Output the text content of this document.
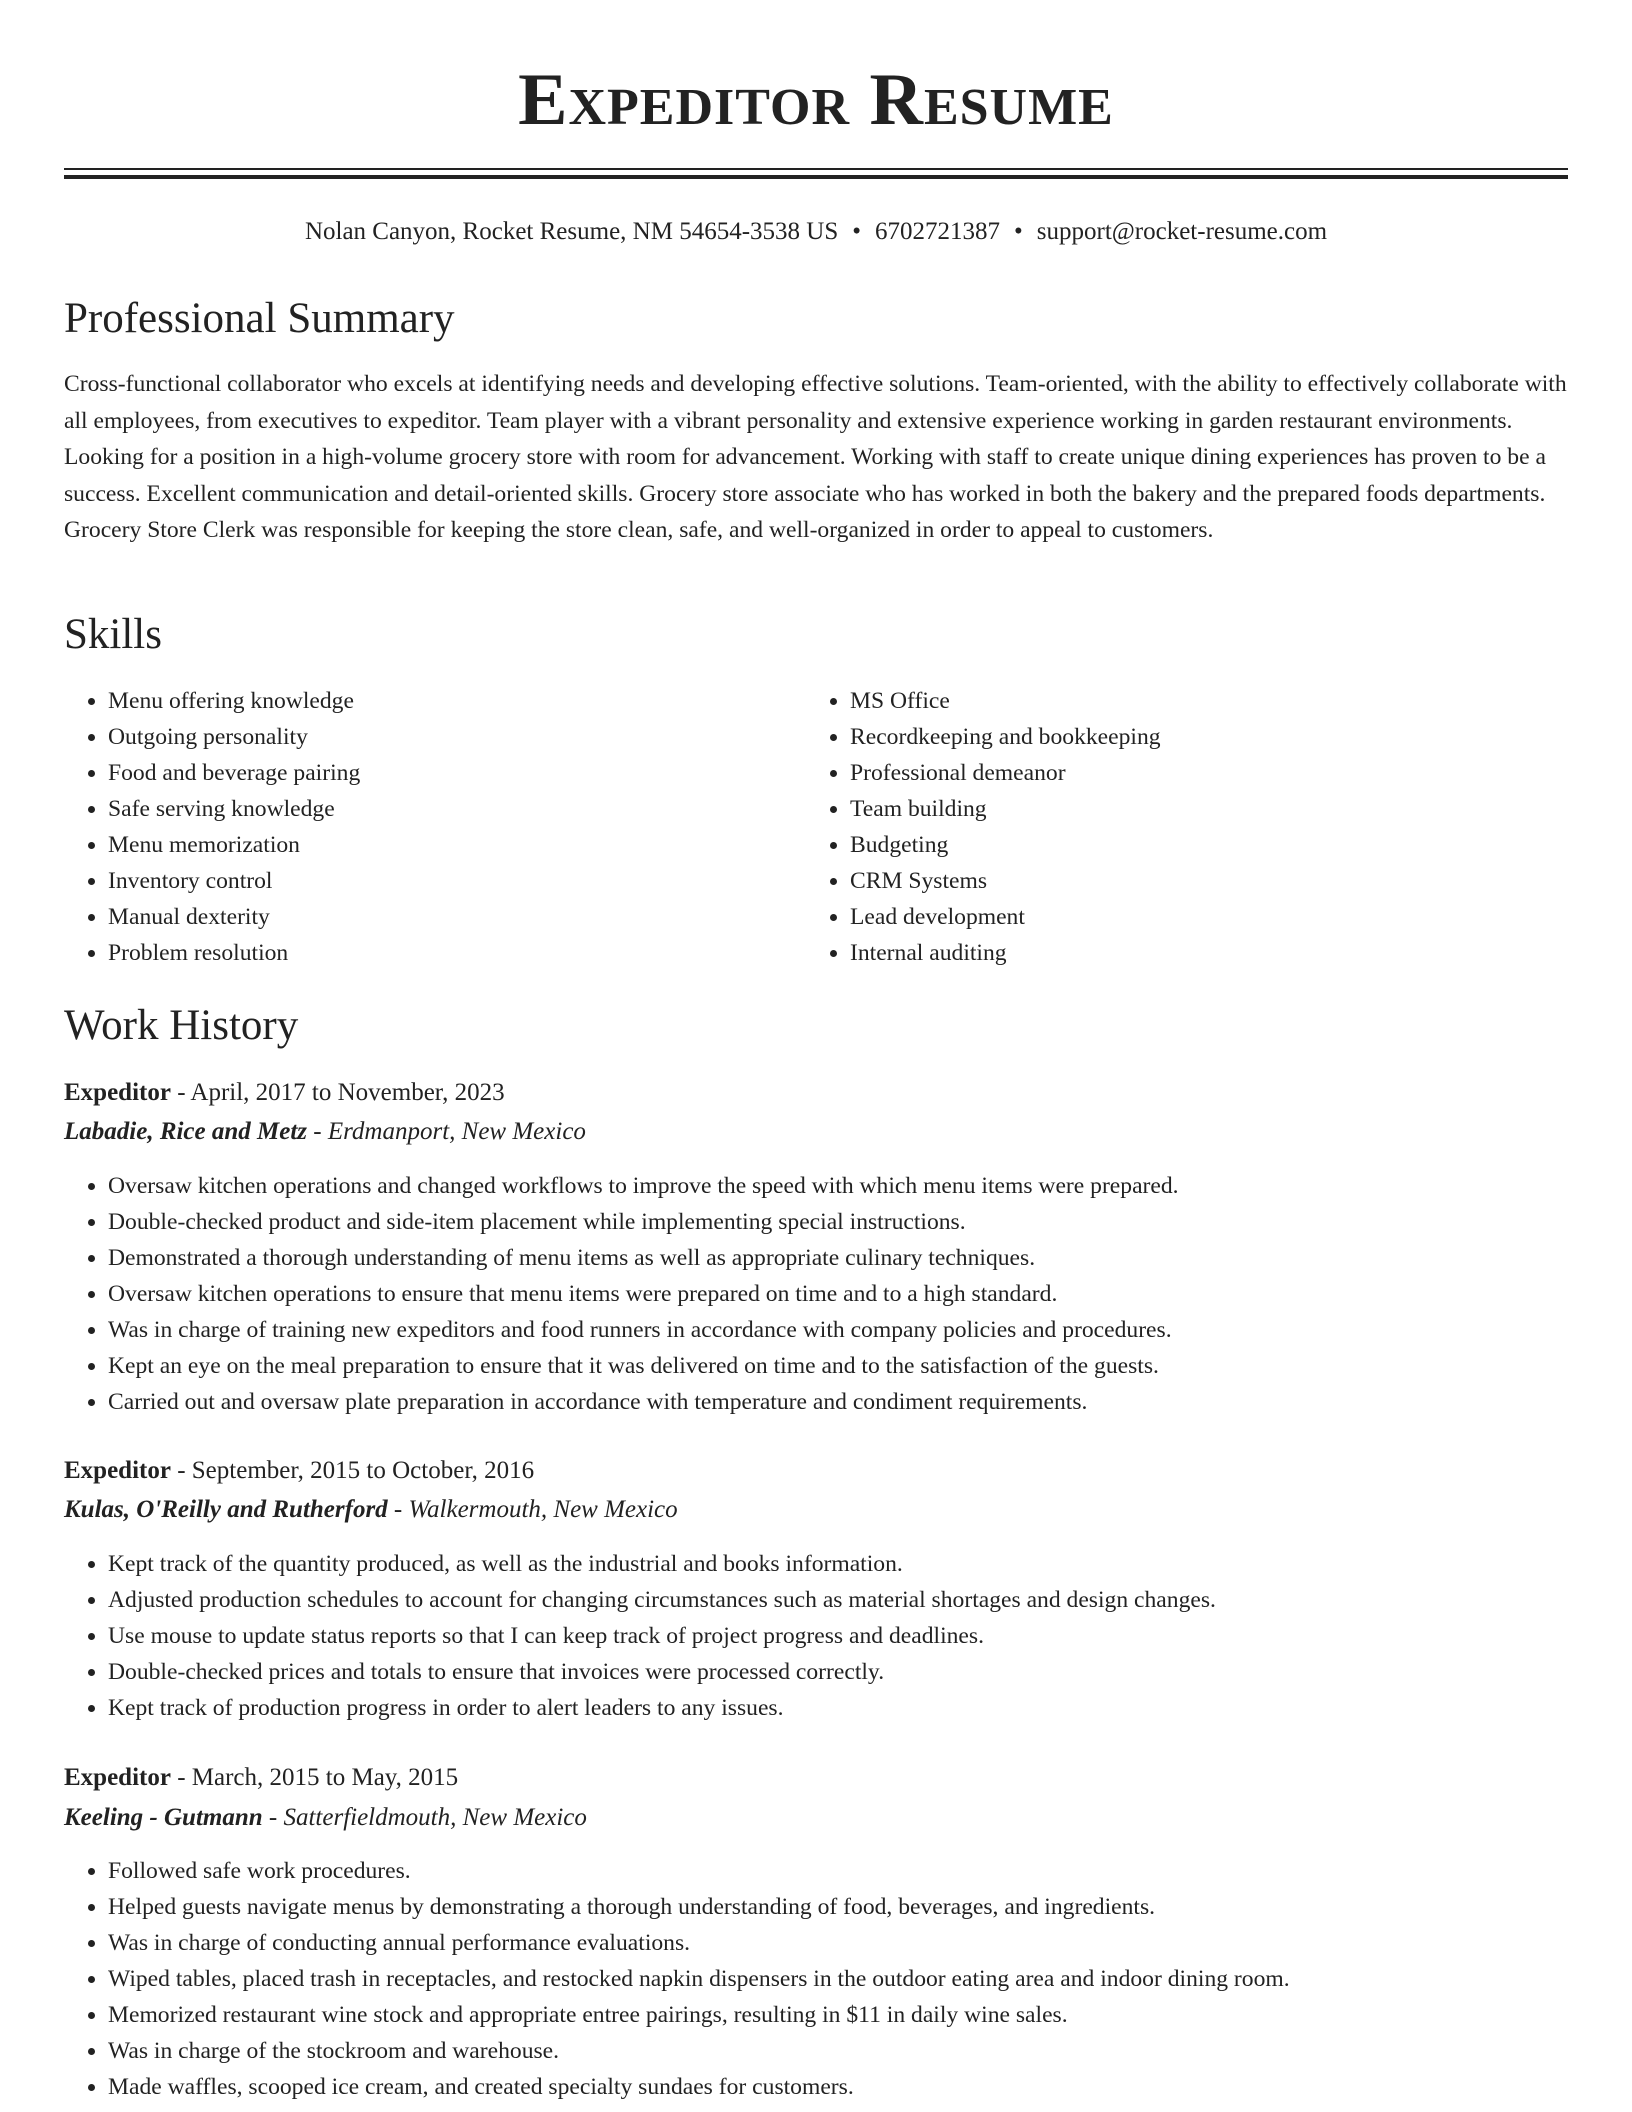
Expeditor Resume
Nolan Canyon, Rocket Resume, NM 54654-3538 US • 6702721387 • support@rocket-resume.com
Professional Summary

Cross-functional collaborator who excels at identifying needs and developing effective solutions. Team-oriented, with the ability to effectively collaborate with all employees, from executives to expeditor. Team player with a vibrant personality and extensive experience working in garden restaurant environments. Looking for a position in a high-volume grocery store with room for advancement. Working with staff to create unique dining experiences has proven to be a success. Excellent communication and detail-oriented skills. Grocery store associate who has worked in both the bakery and the prepared foods departments. Grocery Store Clerk was responsible for keeping the store clean, safe, and well-organized in order to appeal to customers.

Skills
• Menu offering knowledge
• Outgoing personality
• Food and beverage pairing
• Safe serving knowledge
• Menu memorization
• Inventory control
• Manual dexterity
• Problem resolution
• MS Office
• Recordkeeping and bookkeeping
• Professional demeanor
• Team building
• Budgeting
• CRM Systems
• Lead development
• Internal auditing
Work History

Expeditor - April, 2017 to November, 2023

Labadie, Rice and Metz - Erdmanport, New Mexico

• Oversaw kitchen operations and changed workflows to improve the speed with which menu items were prepared.
• Double-checked product and side-item placement while implementing special instructions.
• Demonstrated a thorough understanding of menu items as well as appropriate culinary techniques.
• Oversaw kitchen operations to ensure that menu items were prepared on time and to a high standard.
• Was in charge of training new expeditors and food runners in accordance with company policies and procedures.
• Kept an eye on the meal preparation to ensure that it was delivered on time and to the satisfaction of the guests.
• Carried out and oversaw plate preparation in accordance with temperature and condiment requirements.

Expeditor - September, 2015 to October, 2016

Kulas, O'Reilly and Rutherford - Walkermouth, New Mexico

• Kept track of the quantity produced, as well as the industrial and books information.
• Adjusted production schedules to account for changing circumstances such as material shortages and design changes.
• Use mouse to update status reports so that I can keep track of project progress and deadlines.
• Double-checked prices and totals to ensure that invoices were processed correctly.
• Kept track of production progress in order to alert leaders to any issues.

Expeditor - March, 2015 to May, 2015

Keeling - Gutmann - Satterfieldmouth, New Mexico

• Followed safe work procedures.
• Helped guests navigate menus by demonstrating a thorough understanding of food, beverages, and ingredients.
• Was in charge of conducting annual performance evaluations.
• Wiped tables, placed trash in receptacles, and restocked napkin dispensers in the outdoor eating area and indoor dining room.
• Memorized restaurant wine stock and appropriate entree pairings, resulting in $11 in daily wine sales.
• Was in charge of the stockroom and warehouse.
• Made waffles, scooped ice cream, and created specialty sundaes for customers.
